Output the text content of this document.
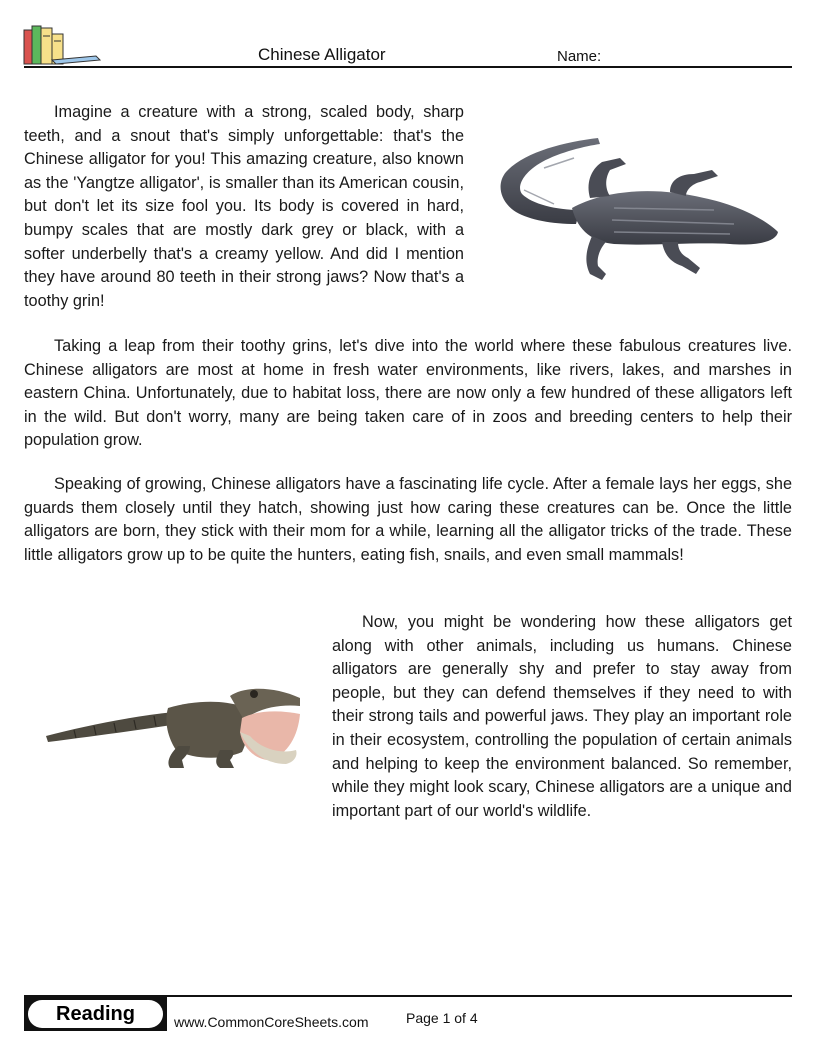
Chinese Alligator	Name:

Imagine a creature with a strong, scaled body, sharp teeth, and a snout that's simply unforgettable: that's the Chinese alligator for you! This amazing creature, also known as the 'Yangtze alligator', is smaller than its American cousin, but don't let its size fool you. Its body is covered in hard, bumpy scales that are mostly dark grey or black, with a softer underbelly that's a creamy yellow. And did I mention they have around 80 teeth in their strong jaws? Now that's a toothy grin!

Taking a leap from their toothy grins, let's dive into the world where these fabulous creatures live. Chinese alligators are most at home in fresh water environments, like rivers, lakes, and marshes in eastern China. Unfortunately, due to habitat loss, there are now only a few hundred of these alligators left in the wild. But don't worry, many are being taken care of in zoos and breeding centers to help their population grow.

Speaking of growing, Chinese alligators have a fascinating life cycle. After a female lays her eggs, she guards them closely until they hatch, showing just how caring these creatures can be. Once the little alligators are born, they stick with their mom for a while, learning all the alligator tricks of the trade. These little alligators grow up to be quite the hunters, eating fish, snails, and even small mammals!

Now, you might be wondering how these alligators get along with other animals, including us humans. Chinese alligators are generally shy and prefer to stay away from people, but they can defend themselves if they need to with their strong tails and powerful jaws. They play an important role in their ecosystem, controlling the population of certain animals and helping to keep the environment balanced. So remember, while they might look scary, Chinese alligators are a unique and important part of our world's wildlife.

Reading	www.CommonCoreSheets.com	Page 1 of 4
